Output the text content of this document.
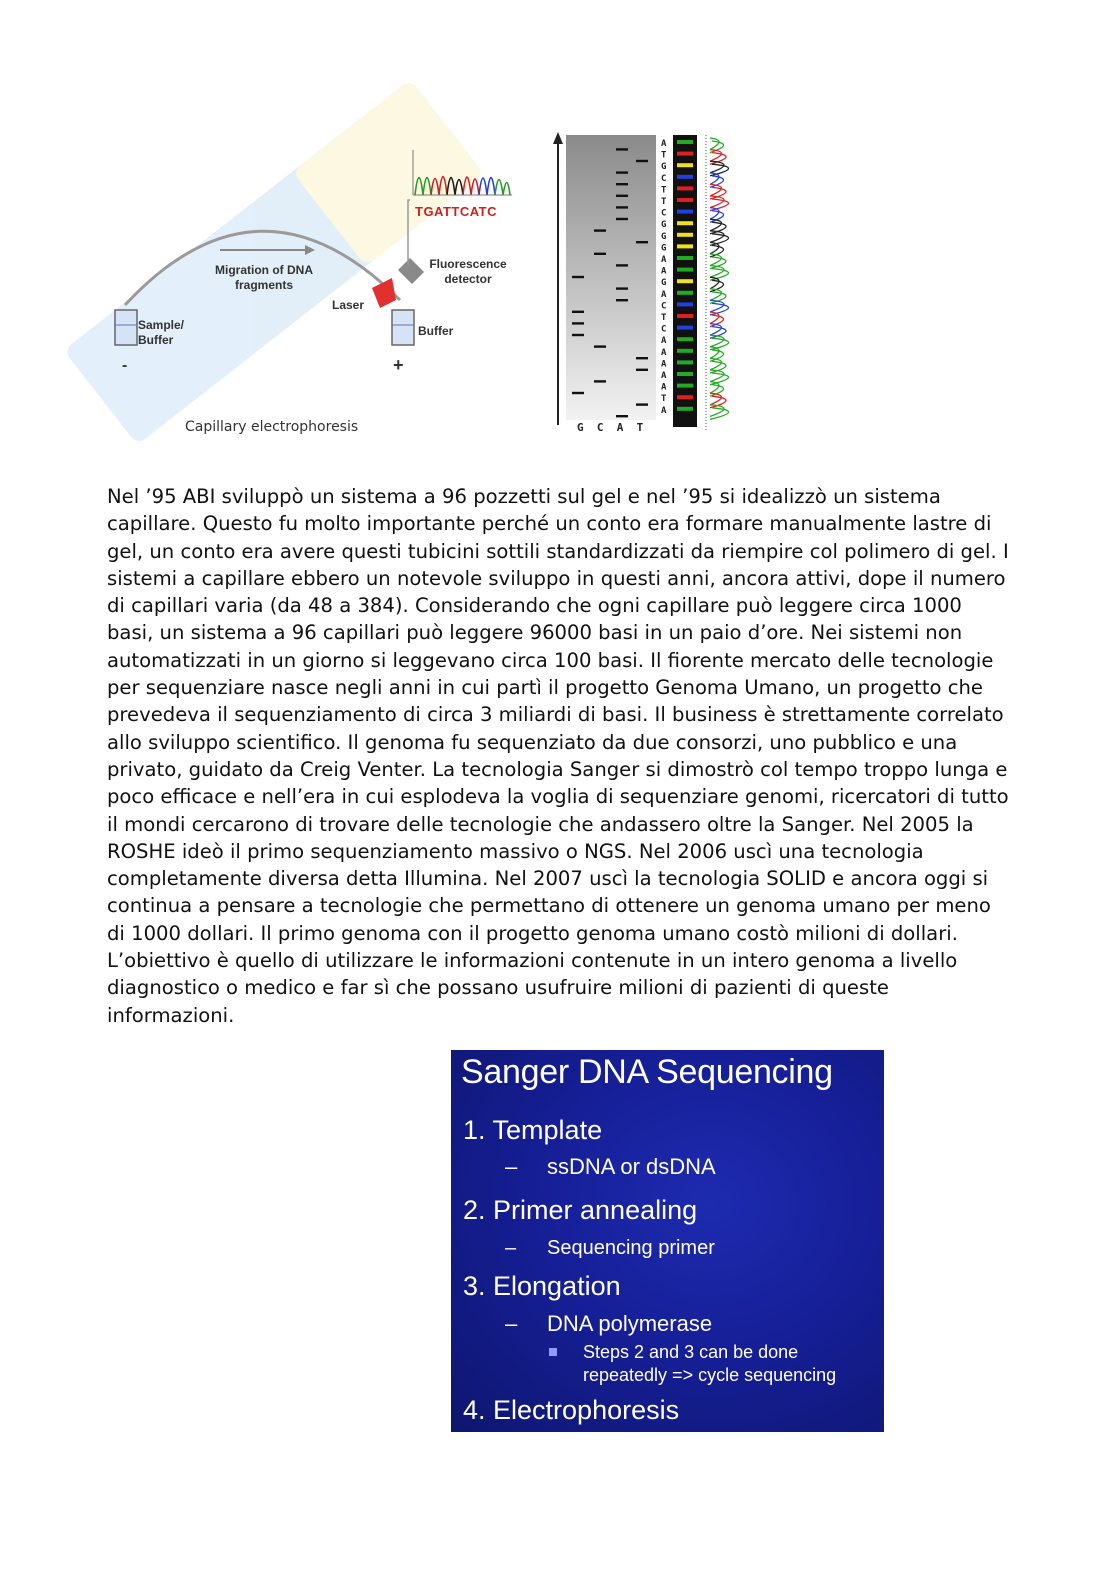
TGATTCATC
Migration of DNA fragments
Fluorescence detector
Laser
Sample/ Buffer
Buffer
-	+
Capillary electrophoresis
A
T
G
C
T
T
C
G
G
G
A
A
G
A
C
T
C
A
A
A
A
A
T
A
G C A T

Nel ’95 ABI sviluppò un sistema a 96 pozzetti sul gel e nel ’95 si idealizzò un sistema capillare. Questo fu molto importante perché un conto era formare manualmente lastre di gel, un conto era avere questi tubicini sottili standardizzati da riempire col polimero di gel. I sistemi a capillare ebbero un notevole sviluppo in questi anni, ancora attivi, dope il numero di capillari varia (da 48 a 384). Considerando che ogni capillare può leggere circa 1000 basi, un sistema a 96 capillari può leggere 96000 basi in un paio d’ore. Nei sistemi non automatizzati in un giorno si leggevano circa 100 basi. Il fiorente mercato delle tecnologie per sequenziare nasce negli anni in cui partì il progetto Genoma Umano, un progetto che prevedeva il sequenziamento di circa 3 miliardi di basi. Il business è strettamente correlato allo sviluppo scientifico. Il genoma fu sequenziato da due consorzi, uno pubblico e una privato, guidato da Creig Venter. La tecnologia Sanger si dimostrò col tempo troppo lunga e poco efficace e nell’era in cui esplodeva la voglia di sequenziare genomi, ricercatori di tutto il mondi cercarono di trovare delle tecnologie che andassero oltre la Sanger. Nel 2005 la ROSHE ideò il primo sequenziamento massivo o NGS. Nel 2006 uscì una tecnologia completamente diversa detta Illumina. Nel 2007 uscì la tecnologia SOLID e ancora oggi si continua a pensare a tecnologie che permettano di ottenere un genoma umano per meno di 1000 dollari. Il primo genoma con il progetto genoma umano costò milioni di dollari. L’obiettivo è quello di utilizzare le informazioni contenute in un intero genoma a livello diagnostico o medico e far sì che possano usufruire milioni di pazienti di queste informazioni.

Sanger DNA Sequencing
1. Template
– ssDNA or dsDNA
2. Primer annealing
– Sequencing primer
3. Elongation
– DNA polymerase
Steps 2 and 3 can be done
repeatedly => cycle sequencing
4. Electrophoresis
